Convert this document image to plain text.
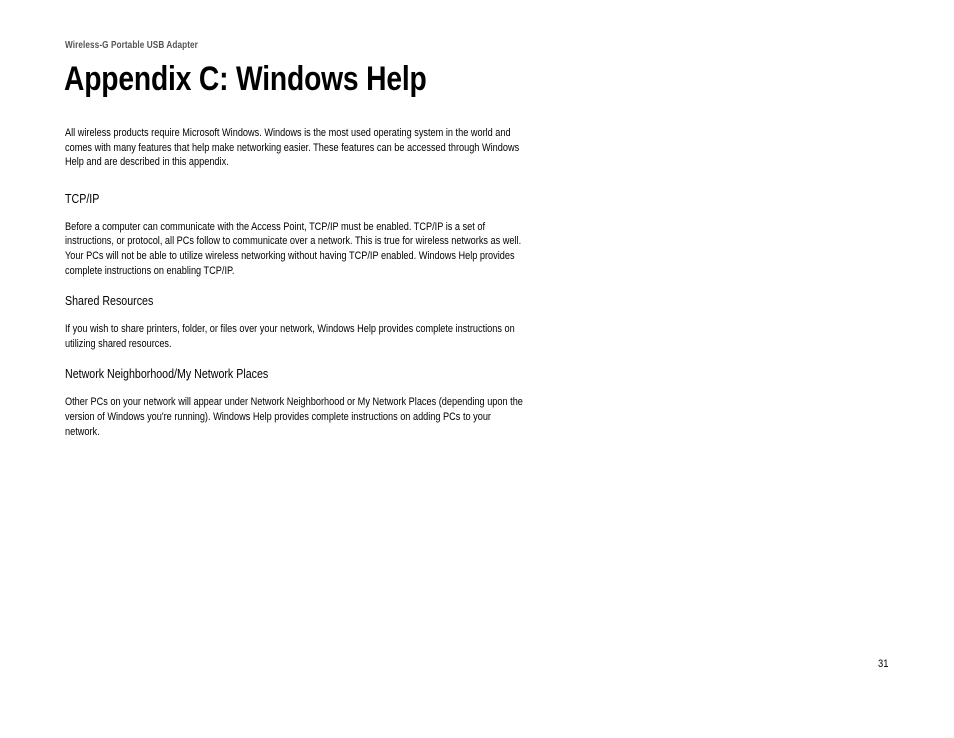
Wireless-G Portable USB Adapter
Appendix C: Windows Help
All wireless products require Microsoft Windows. Windows is the most used operating system in the world and
comes with many features that help make networking easier. These features can be accessed through Windows
Help and are described in this appendix.
TCP/IP
Before a computer can communicate with the Access Point, TCP/IP must be enabled. TCP/IP is a set of
instructions, or protocol, all PCs follow to communicate over a network. This is true for wireless networks as well.
Your PCs will not be able to utilize wireless networking without having TCP/IP enabled. Windows Help provides
complete instructions on enabling TCP/IP.
Shared Resources
If you wish to share printers, folder, or files over your network, Windows Help provides complete instructions on
utilizing shared resources.
Network Neighborhood/My Network Places
Other PCs on your network will appear under Network Neighborhood or My Network Places (depending upon the
version of Windows you're running). Windows Help provides complete instructions on adding PCs to your
network.
31
